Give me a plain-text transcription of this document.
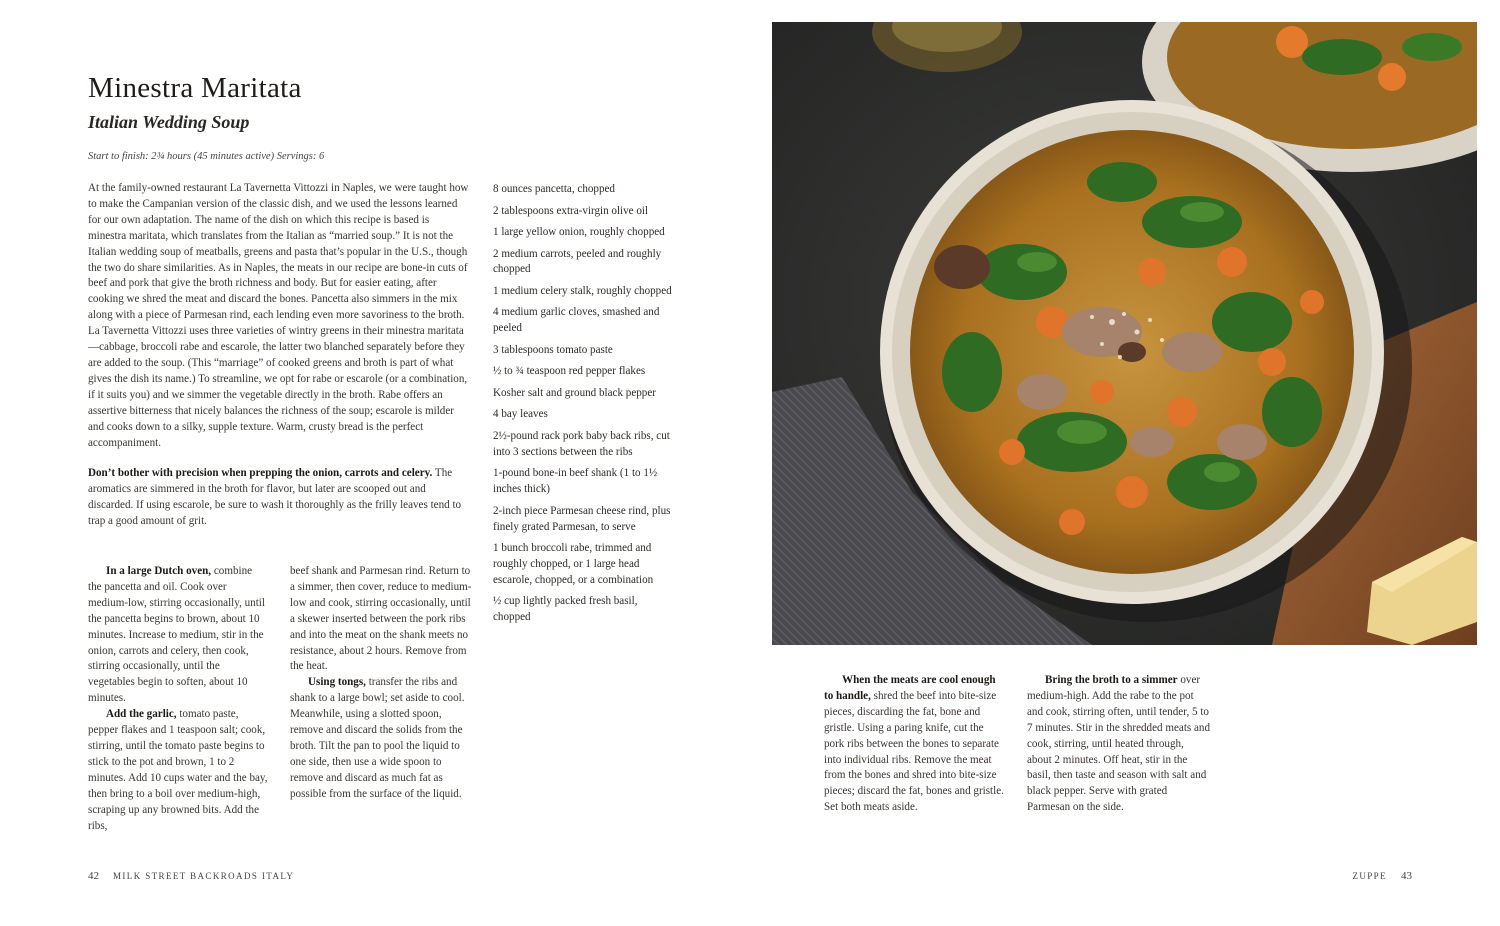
Minestra Maritata
Italian Wedding Soup
Start to finish: 2¾ hours (45 minutes active) Servings: 6

At the family-owned restaurant La Tavernetta Vittozzi in Naples, we were taught how to make the Campanian version of the classic dish, and we used the lessons learned for our own adaptation. The name of the dish on which this recipe is based is minestra maritata, which translates from the Italian as “married soup.” It is not the Italian wedding soup of meatballs, greens and pasta that’s popular in the U.S., though the two do share similarities. As in Naples, the meats in our recipe are bone-in cuts of beef and pork that give the broth richness and body. But for easier eating, after cooking we shred the meat and discard the bones. Pancetta also simmers in the mix along with a piece of Parmesan rind, each lending even more savoriness to the broth. La Tavernetta Vittozzi uses three varieties of wintry greens in their minestra maritata—cabbage, broccoli rabe and escarole, the latter two blanched separately before they are added to the soup. (This “marriage” of cooked greens and broth is part of what gives the dish its name.) To streamline, we opt for rabe or escarole (or a combination, if it suits you) and we simmer the vegetable directly in the broth. Rabe offers an assertive bitterness that nicely balances the richness of the soup; escarole is milder and cooks down to a silky, supple texture. Warm, crusty bread is the perfect accompaniment.

Don’t bother with precision when prepping the onion, carrots and celery. The aromatics are simmered in the broth for flavor, but later are scooped out and discarded. If using escarole, be sure to wash it thoroughly as the frilly leaves tend to trap a good amount of grit.

8 ounces pancetta, chopped
2 tablespoons extra-virgin olive oil
1 large yellow onion, roughly chopped
2 medium carrots, peeled and roughly chopped
1 medium celery stalk, roughly chopped
4 medium garlic cloves, smashed and peeled
3 tablespoons tomato paste
½ to ¾ teaspoon red pepper flakes
Kosher salt and ground black pepper
4 bay leaves
2½-pound rack pork baby back ribs, cut into 3 sections between the ribs
1-pound bone-in beef shank (1 to 1½ inches thick)
2-inch piece Parmesan cheese rind, plus finely grated Parmesan, to serve
1 bunch broccoli rabe, trimmed and roughly chopped, or 1 large head escarole, chopped, or a combination
½ cup lightly packed fresh basil, chopped

In a large Dutch oven, combine the pancetta and oil. Cook over medium-low, stirring occasionally, until the pancetta begins to brown, about 10 minutes. Increase to medium, stir in the onion, carrots and celery, then cook, stirring occasionally, until the vegetables begin to soften, about 10 minutes.

Add the garlic, tomato paste, pepper flakes and 1 teaspoon salt; cook, stirring, until the tomato paste begins to stick to the pot and brown, 1 to 2 minutes. Add 10 cups water and the bay, then bring to a boil over medium-high, scraping up any browned bits. Add the ribs,

beef shank and Parmesan rind. Return to a simmer, then cover, reduce to medium-low and cook, stirring occasionally, until a skewer inserted between the pork ribs and into the meat on the shank meets no resistance, about 2 hours. Remove from the heat.

Using tongs, transfer the ribs and shank to a large bowl; set aside to cool. Meanwhile, using a slotted spoon, remove and discard the solids from the broth. Tilt the pan to pool the liquid to one side, then use a wide spoon to remove and discard as much fat as possible from the surface of the liquid.

42 MILK STREET BACKROADS ITALY

When the meats are cool enough to handle, shred the beef into bite-size pieces, discarding the fat, bone and gristle. Using a paring knife, cut the pork ribs between the bones to separate into individual ribs. Remove the meat from the bones and shred into bite-size pieces; discard the fat, bones and gristle. Set both meats aside.

Bring the broth to a simmer over medium-high. Add the rabe to the pot and cook, stirring often, until tender, 5 to 7 minutes. Stir in the shredded meats and cook, stirring, until heated through, about 2 minutes. Off heat, stir in the basil, then taste and season with salt and black pepper. Serve with grated Parmesan on the side.

ZUPPE 43
